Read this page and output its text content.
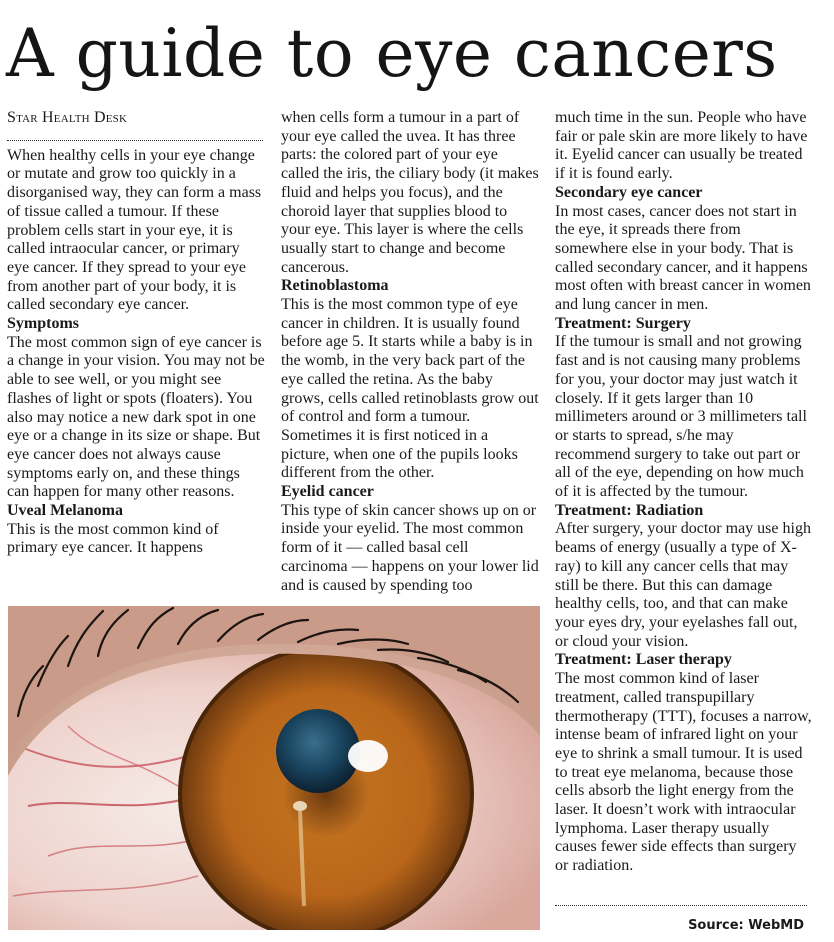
A guide to eye cancers

Star Health Desk

When healthy cells in your eye change or mutate and grow too quickly in a disorganised way, they can form a mass of tissue called a tumour. If these problem cells start in your eye, it is called intraocular cancer, or primary eye cancer. If they spread to your eye from another part of your body, it is called secondary eye cancer.

Symptoms

The most common sign of eye cancer is a change in your vision. You may not be able to see well, or you might see flashes of light or spots (floaters). You also may notice a new dark spot in one eye or a change in its size or shape. But eye cancer does not always cause symptoms early on, and these things can happen for many other reasons.

Uveal Melanoma

This is the most common kind of primary eye cancer. It happens

when cells form a tumour in a part of your eye called the uvea. It has three parts: the colored part of your eye called the iris, the ciliary body (it makes fluid and helps you focus), and the choroid layer that supplies blood to your eye. This layer is where the cells usually start to change and become cancerous.

Retinoblastoma

This is the most common type of eye cancer in children. It is usually found before age 5. It starts while a baby is in the womb, in the very back part of the eye called the retina. As the baby grows, cells called retinoblasts grow out of control and form a tumour. Sometimes it is first noticed in a picture, when one of the pupils looks different from the other.

Eyelid cancer

This type of skin cancer shows up on or inside your eyelid. The most common form of it — called basal cell carcinoma — happens on your lower lid and is caused by spending too

much time in the sun. People who have fair or pale skin are more likely to have it. Eyelid cancer can usually be treated if it is found early.

Secondary eye cancer

In most cases, cancer does not start in the eye, it spreads there from somewhere else in your body. That is called secondary cancer, and it happens most often with breast cancer in women and lung cancer in men.

Treatment: Surgery

If the tumour is small and not growing fast and is not causing many problems for you, your doctor may just watch it closely. If it gets larger than 10 millimeters around or 3 millimeters tall or starts to spread, s/he may recommend surgery to take out part or all of the eye, depending on how much of it is affected by the tumour.

Treatment: Radiation

After surgery, your doctor may use high beams of energy (usually a type of X-ray) to kill any cancer cells that may still be there. But this can damage healthy cells, too, and that can make your eyes dry, your eyelashes fall out, or cloud your vision.

Treatment: Laser therapy

The most common kind of laser treatment, called transpupillary thermotherapy (TTT), focuses a narrow, intense beam of infrared light on your eye to shrink a small tumour. It is used to treat eye melanoma, because those cells absorb the light energy from the laser. It doesn’t work with intraocular lymphoma. Laser therapy usually causes fewer side effects than surgery or radiation.

Source: WebMD
